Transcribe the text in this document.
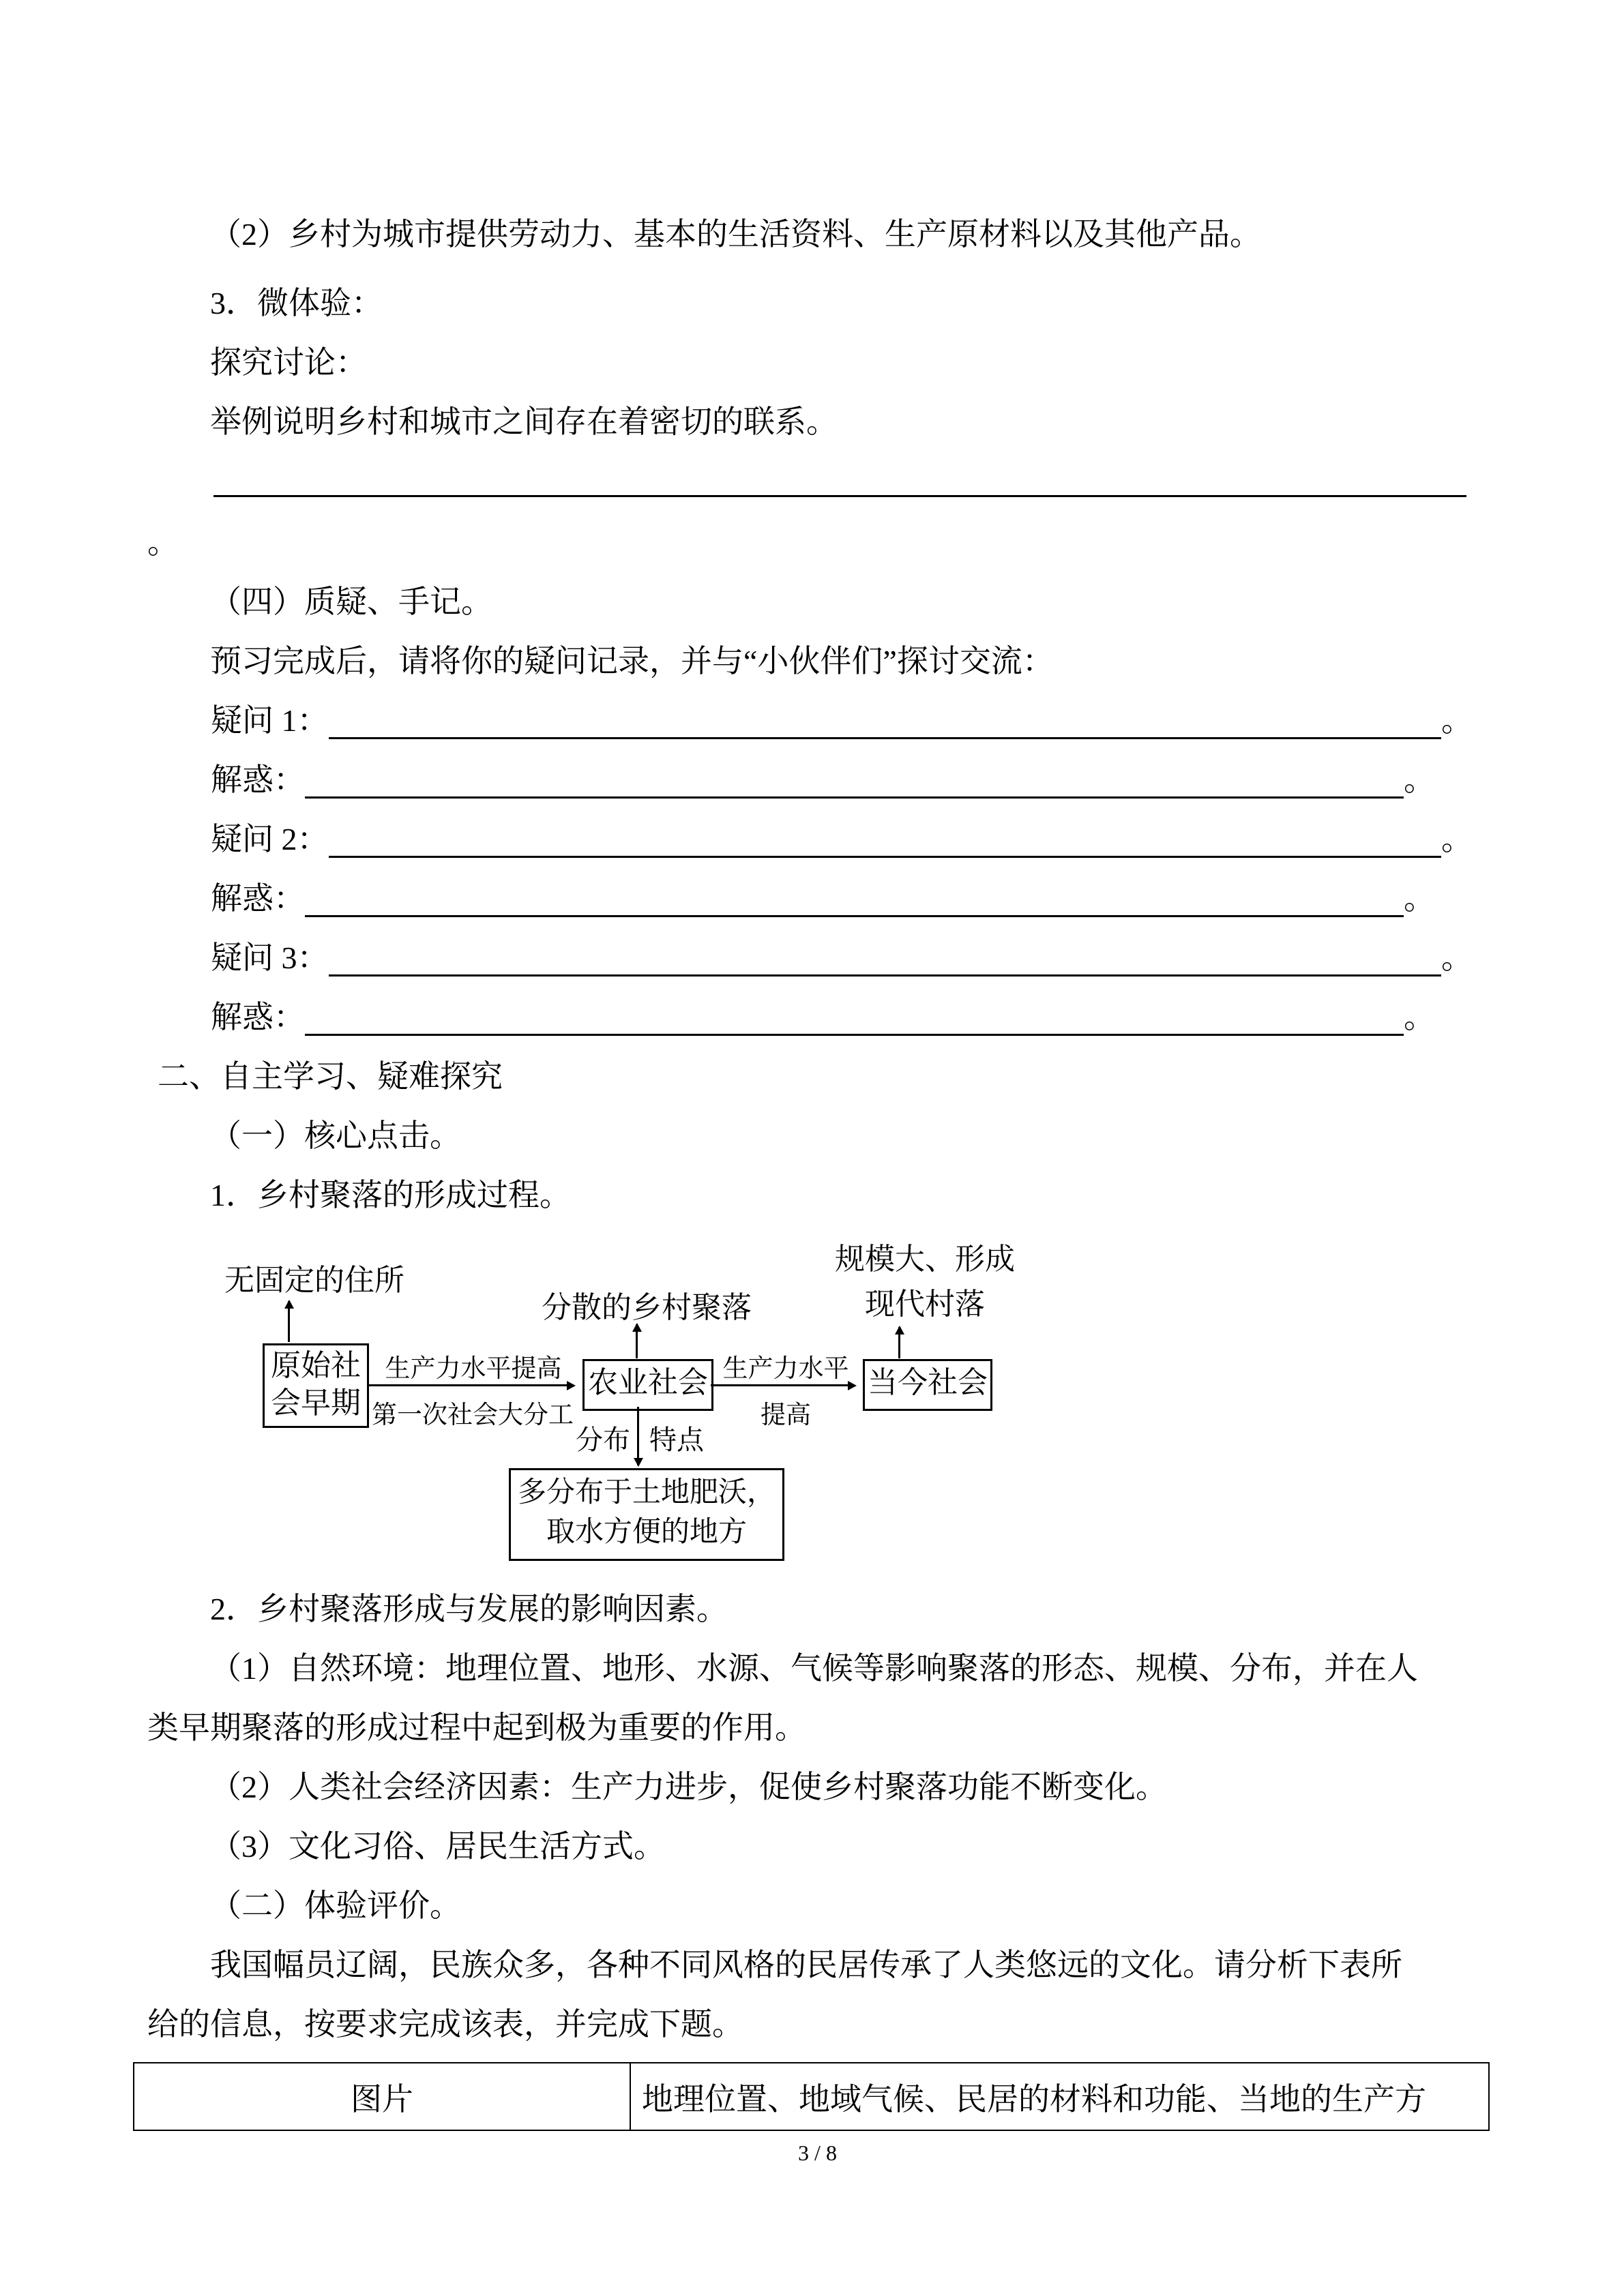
（2）乡村为城市提供劳动力、基本的生活资料、生产原材料以及其他产品。

3．微体验：

探究讨论：

举例说明乡村和城市之间存在着密切的联系。

。

（四）质疑、手记。

预习完成后，请将你的疑问记录，并与“小伙伴们”探讨交流：

疑问 1：	。
解惑：	。
疑问 2：	。
解惑：	。
疑问 3：	。
解惑：	。

二、自主学习、疑难探究

（一）核心点击。

1．乡村聚落的形成过程。

规模大、形成
现代村落
无固定的住所
分散的乡村聚落
原始社
会早期
生产力水平提高
第一次社会大分工
农业社会 生产力水平
提高
当今社会
分布 特点
多分布于土地肥沃，
取水方便的地方

2．乡村聚落形成与发展的影响因素。

（1）自然环境：地理位置、地形、水源、气候等影响聚落的形态、规模、分布，并在人

类早期聚落的形成过程中起到极为重要的作用。

（2）人类社会经济因素：生产力进步，促使乡村聚落功能不断变化。

（3）文化习俗、居民生活方式。

（二）体验评价。

我国幅员辽阔，民族众多，各种不同风格的民居传承了人类悠远的文化。请分析下表所

给的信息，按要求完成该表，并完成下题。

图片	地理位置、地域气候、民居的材料和功能、当地的生产方
3 / 8
